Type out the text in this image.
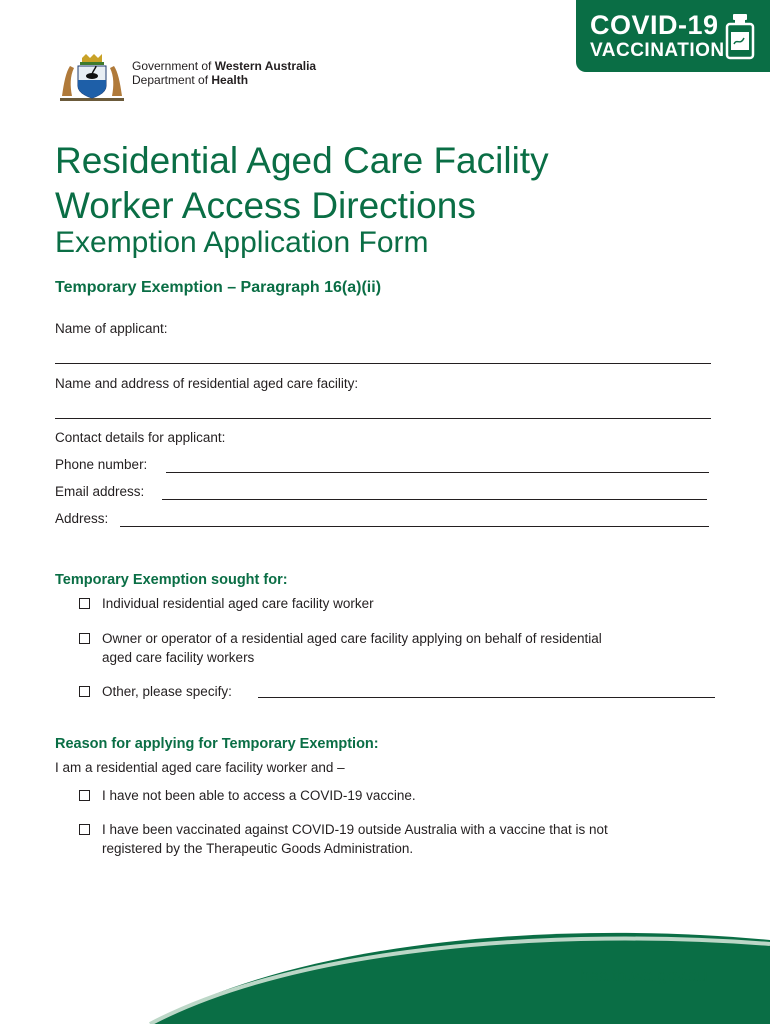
Government of Western Australia
Department of Health
COVID-19
VACCINATION
Residential Aged Care Facility
Worker Access Directions
Exemption Application Form
Temporary Exemption – Paragraph 16(a)(ii)
Name of applicant:
Name and address of residential aged care facility:
Contact details for applicant:
Phone number:
Email address:
Address:
Temporary Exemption sought for:
Individual residential aged care facility worker
Owner or operator of a residential aged care facility applying on behalf of residential
aged care facility workers
Other, please specify:
Reason for applying for Temporary Exemption:
I am a residential aged care facility worker and –
I have not been able to access a COVID-19 vaccine.
I have been vaccinated against COVID-19 outside Australia with a vaccine that is not
registered by the Therapeutic Goods Administration.
health.wa.gov.au
